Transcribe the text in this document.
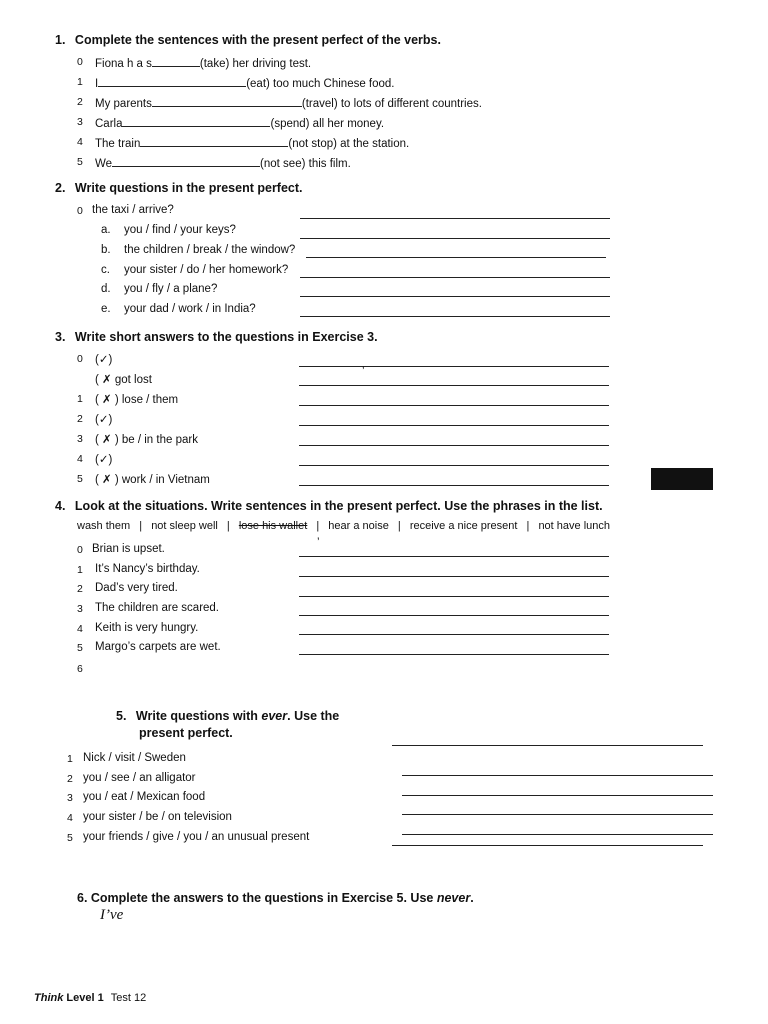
1. Complete the sentences with the present perfect of the verbs.
0 Fiona h a s	(take) her driving test.
1 I	(eat) too much Chinese food.
2 My parents	(travel) to lots of different countries.
3 Carla	(spend) all her money.
4 The train	(not stop) at the station.
5 We	(not see) this film.
2. Write questions in the present perfect.
0 the taxi / arrive?
a. you / find / your keys?
b. the children / break / the window?
c. your sister / do / her homework?
d. you / fly / a plane?
e. your dad / work / in India?
3. Write short answers to the questions in Exercise 3.
0 (✓)
( ✗ got lost
’
1 ( ✗ ) lose / them
2 (✓)
3 ( ✗ ) be / in the park
4 (✓)
5 ( ✗ ) work / in Vietnam
4. Look at the situations. Write sentences in the present perfect. Use the phrases in the list.
wash them | not sleep well | lose his wallet | hear a noise | receive a nice present | not have lunch
’
0 Brian is upset.
1 It’s Nancy’s birthday.
2 Dad’s very tired.
3 The children are scared.
4 Keith is very hungry.
5 Margo’s carpets are wet.
6
5. Write questions with ever. Use the
present perfect.
1 Nick / visit / Sweden
2 you / see / an alligator
3 you / eat / Mexican food
4 your sister / be / on television
5 your friends / give / you / an unusual present
6. Complete the answers to the questions in Exercise 5. Use never.
I’ve
Think Level 1 Test 12
